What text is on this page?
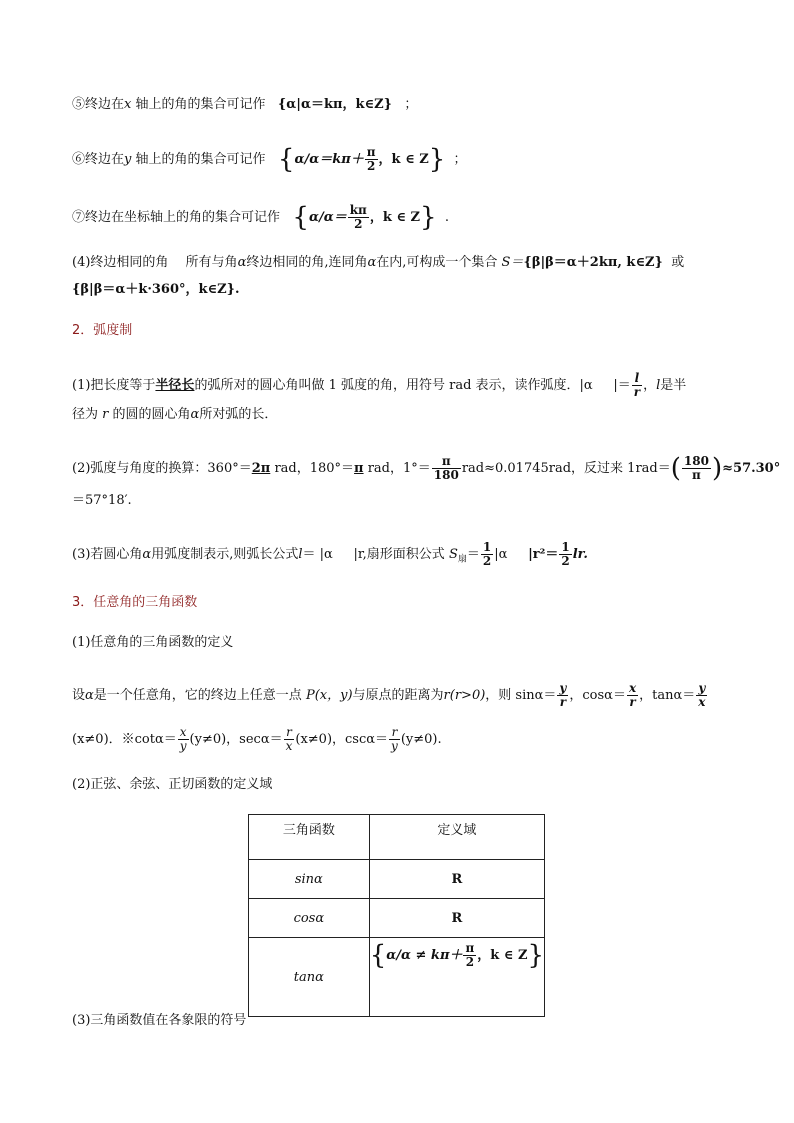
⑤终边在x 轴上的角的集合可记作 {α|α＝kπ，k∈Z} ；
⑥终边在y 轴上的角的集合可记作 {$\alpha/\alpha=k\pi+ \frac{\pi}{2}$ ，k ∈ Z} ；
⑦终边在坐标轴上的角的集合可记作 {$\alpha/\alpha= \frac{k\pi}{2}$ ，k ∈ Z} .
(4)终边相同的角　 所有与角α终边相同的角,连同角α在内,可构成一个集合 S＝{β|β＝α＋2kπ, k∈Z} 或
{β|β＝α＋k·360°，k∈Z}.
2．弧度制
(1)把长度等于半径长的弧所对的圆心角叫做 1 弧度的角，用符号 rad 表示，读作弧度．|α |＝ $\frac{l}{r}$ ，l是半
径为 r 的圆的圆心角α所对弧的长．
(2)弧度与角度的换算：360°＝2π rad，180°＝π rad，$1^\circ= \frac{\pi}{180} rad\approx 0.01745rad$，反过来 $1rad=( \frac{180}{\pi} )\approx 57.30^\circ$
＝57°18′.
(3)若圆心角α用弧度制表示,则弧长公式l＝ |α |r,扇形面积公式 $S_扇= \frac{1}{2} |\alpha$ $|r^2= \frac{1}{2}$ lr.
3．任意角的三角函数
(1)任意角的三角函数的定义
设α是一个任意角，它的终边上任意一点 P(x，y)与原点的距离为r(r>0)，则 $\sin\alpha= \frac{y}{r}$ ，$\cos\alpha= \frac{x}{r}$ ，$\tan\alpha= \frac{y}{x}$
(x≠0)．※cotα＝ $\frac{x}{y} (y\ne 0)$，$\sec\alpha= \frac{r}{x} (x\ne 0)$，$\csc\alpha= \frac{r}{y} (y\ne 0)$.
(2)正弦、余弦、正切函数的定义域
三角函数	定义域
sinα	R
cosα	R
tanα	{$\alpha/\alpha \ne k\pi+ \frac{\pi}{2}$ ，k ∈ Z}
(3)三角函数值在各象限的符号
